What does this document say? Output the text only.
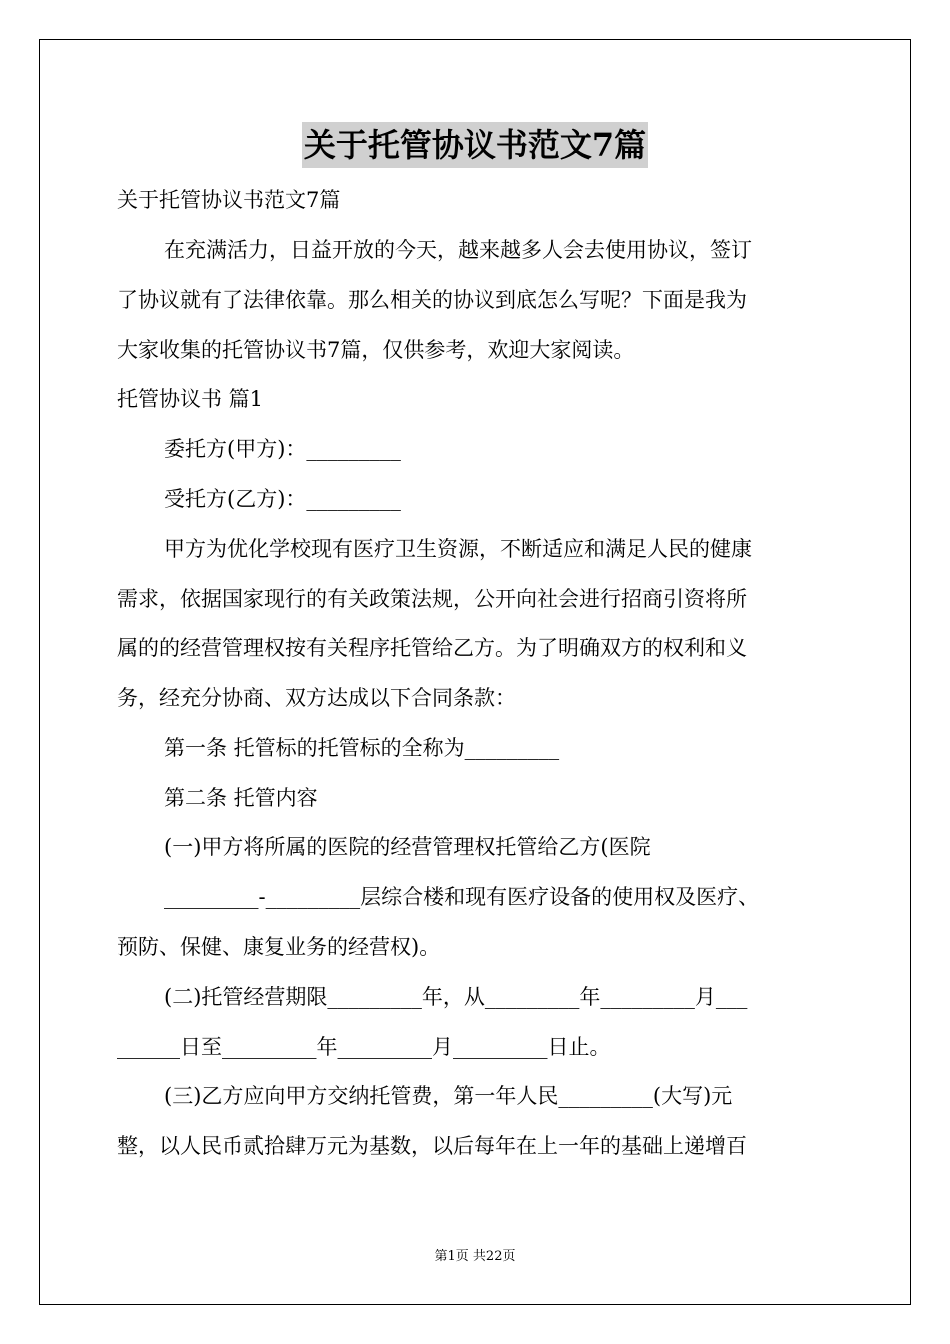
关于托管协议书范文7篇
关于托管协议书范文7篇
在充满活力，日益开放的今天，越来越多人会去使用协议，签订
了协议就有了法律依靠。那么相关的协议到底怎么写呢？下面是我为
大家收集的托管协议书7篇，仅供参考，欢迎大家阅读。
托管协议书 篇1
委托方(甲方)：_________
受托方(乙方)：_________
甲方为优化学校现有医疗卫生资源，不断适应和满足人民的健康
需求，依据国家现行的有关政策法规，公开向社会进行招商引资将所
属的的经营管理权按有关程序托管给乙方。为了明确双方的权利和义
务，经充分协商、双方达成以下合同条款：
第一条 托管标的托管标的全称为_________
第二条 托管内容
(一)甲方将所属的医院的经营管理权托管给乙方(医院
_________-_________层综合楼和现有医疗设备的使用权及医疗、
预防、保健、康复业务的经营权)。
(二)托管经营期限_________年，从_________年_________月___
______日至_________年_________月_________日止。
(三)乙方应向甲方交纳托管费，第一年人民_________(大写)元
整，以人民币贰拾肆万元为基数，以后每年在上一年的基础上递增百
第1页 共22页
